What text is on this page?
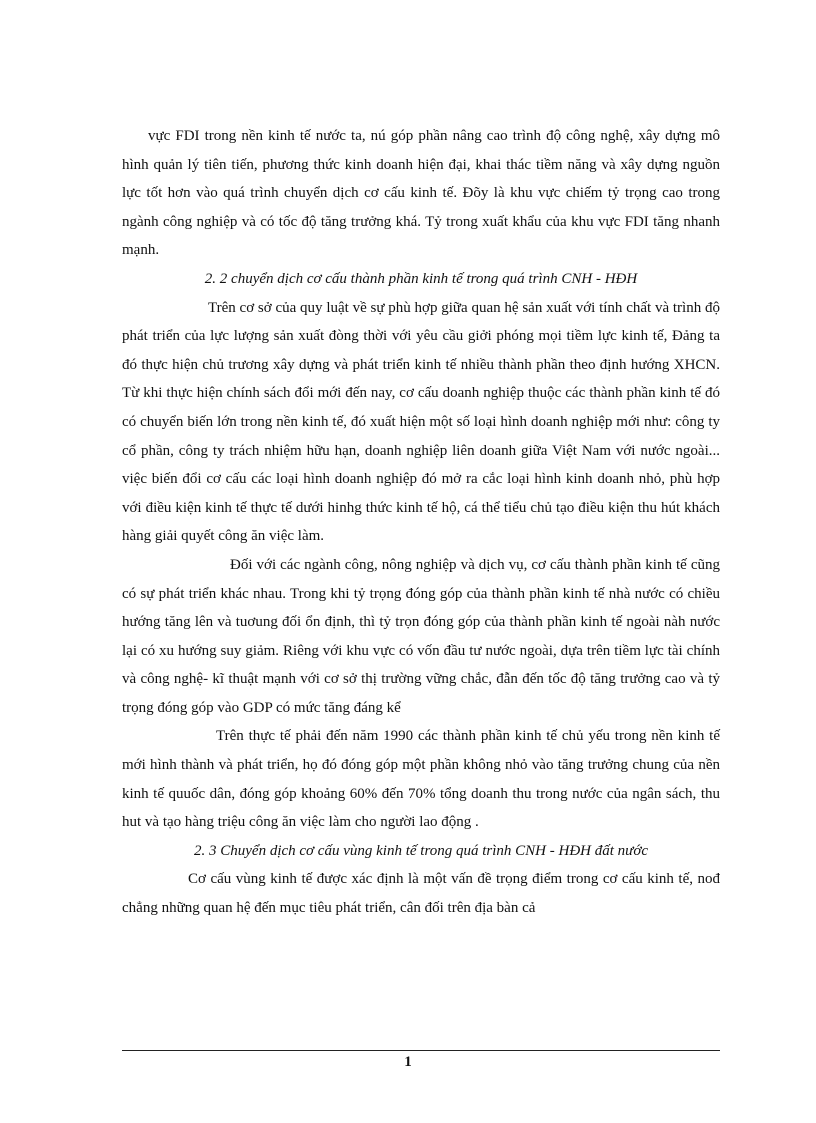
vực FDI trong nền kinh tế nước ta, nú góp phần nâng cao trình độ công nghệ, xây dựng mô hình quản lý tiên tiến, phương thức kinh doanh hiện đại, khai thác tiềm năng và xây dựng nguồn lực tốt hơn vào quá trình chuyển dịch cơ cấu kinh tế. Đõy là khu vực chiếm tỷ trọng cao trong ngành công nghiệp và có tốc độ tăng trưởng khá. Tỷ trong xuất khẩu của khu vực FDI tăng nhanh mạnh.

2. 2 chuyển dịch cơ cấu thành phần kinh tế trong quá trình CNH - HĐH

Trên cơ sở của quy luật về sự phù hợp giữa quan hệ sản xuất với tính chất và trình độ phát triển của lực lượng sản xuất đòng thời với yêu cầu giởi phóng mọi tiềm lực kinh tế, Đảng ta đó thực hiện chủ trương xây dựng và phát triển kinh tế nhiều thành phần theo định hướng XHCN. Từ khi thực hiện chính sách đổi mới đến nay, cơ cấu doanh nghiệp thuộc các thành phần kinh tế đó có chuyển biến lớn trong nền kinh tế, đó xuất hiện một số loại hình doanh nghiệp mới như: công ty cổ phần, công ty trách nhiệm hữu hạn, doanh nghiệp liên doanh giữa Việt Nam với nước ngoài... việc biến đổi cơ cấu các loại hình doanh nghiệp đó mở ra cắc loại hình kinh doanh nhỏ, phù hợp với điều kiện kinh tế thực tế dưới hinhg thức kinh tế hộ, cá thể tiểu chủ tạo điều kiện thu hút khách hàng giải quyết công ăn việc làm.

Đối với các ngành công, nông nghiệp và dịch vụ, cơ cấu thành phần kinh tế cũng có sự phát triển khác nhau. Trong khi tỷ trọng đóng góp của thành phần kinh tế nhà nước có chiều hướng tăng lên và tuơung đối ổn định, thì tỷ trọn đóng góp của thành phần kinh tế ngoài nàh nước lại có xu hướng suy giảm. Riêng với khu vực có vốn đầu tư nước ngoài, dựa trên tiềm lực tài chính và công nghệ- kĩ thuật mạnh với cơ sở thị trường vững chắc, đẫn đến tốc độ tăng trưởng cao và tỷ trọng đóng góp vào GDP có mức tăng đáng kể

Trên thực tế phải đến năm 1990 các thành phần kinh tế chủ yếu trong nền kinh tế mới hình thành và phát triển, họ đó đóng góp một phần không nhỏ vào tăng trưởng chung của nền kinh tế quuốc dân, đóng góp khoảng 60% đến 70% tổng doanh thu trong nước của ngân sách, thu hut và tạo hàng triệu công ăn việc làm cho người lao động .

2. 3 Chuyển dịch cơ cấu vùng kinh tế trong quá trình CNH - HĐH đất nước

Cơ cấu vùng kinh tế được xác định là một vấn đề trọng điểm trong cơ cấu kinh tế, nođ chẳng những quan hệ đến mục tiêu phát triển, cân đối trên địa bàn cả

1
